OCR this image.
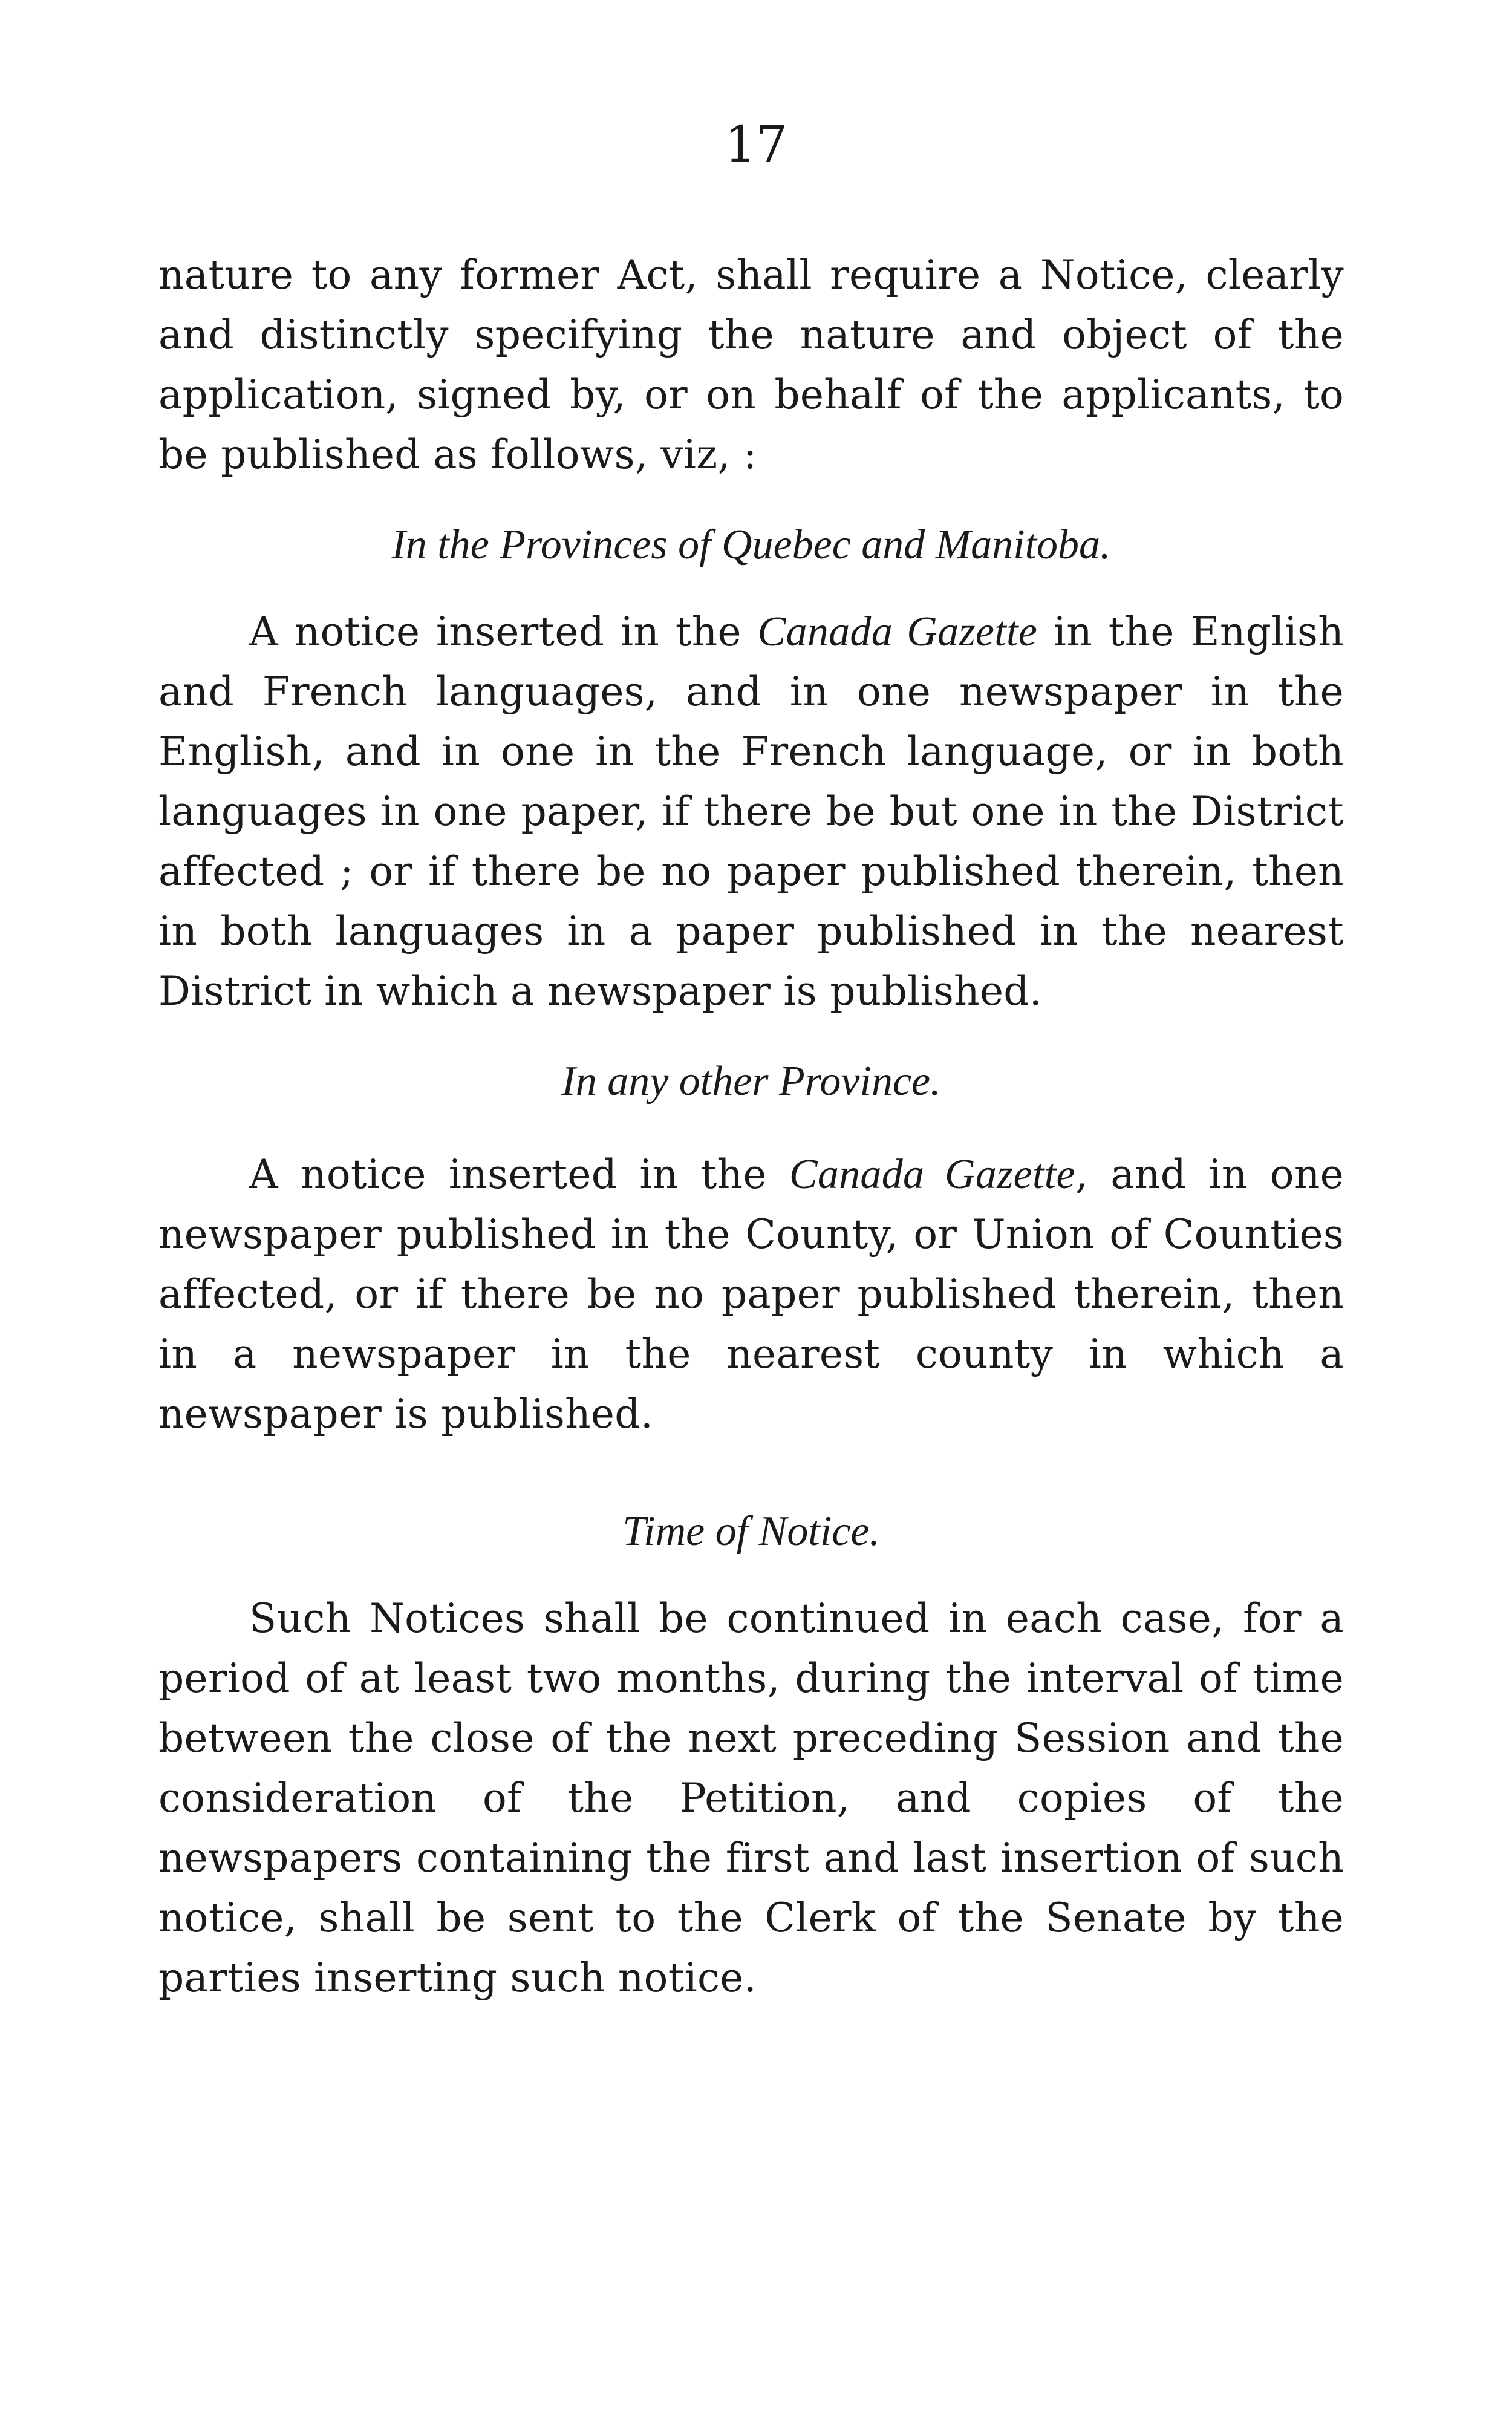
17

nature to any former Act, shall require a Notice, clearly and distinctly specifying the nature and object of the application, signed by, or on behalf of the applicants, to be published as follows, viz, :

In the Provinces of Quebec and Manitoba.

A notice inserted in the Canada Gazette in the English and French languages, and in one newspaper in the English, and in one in the French language, or in both languages in one paper, if there be but one in the District affected ; or if there be no paper published therein, then in both languages in a paper published in the nearest District in which a newspaper is published.

In any other Province.

A notice inserted in the Canada Gazette, and in one newspaper published in the County, or Union of Counties affected, or if there be no paper published therein, then in a newspaper in the nearest county in which a newspaper is published.

Time of Notice.

Such Notices shall be continued in each case, for a period of at least two months, during the interval of time between the close of the next preceding Session and the consideration of the Petition, and copies of the newspapers containing the first and last insertion of such notice, shall be sent to the Clerk of the Senate by the parties inserting such notice.
